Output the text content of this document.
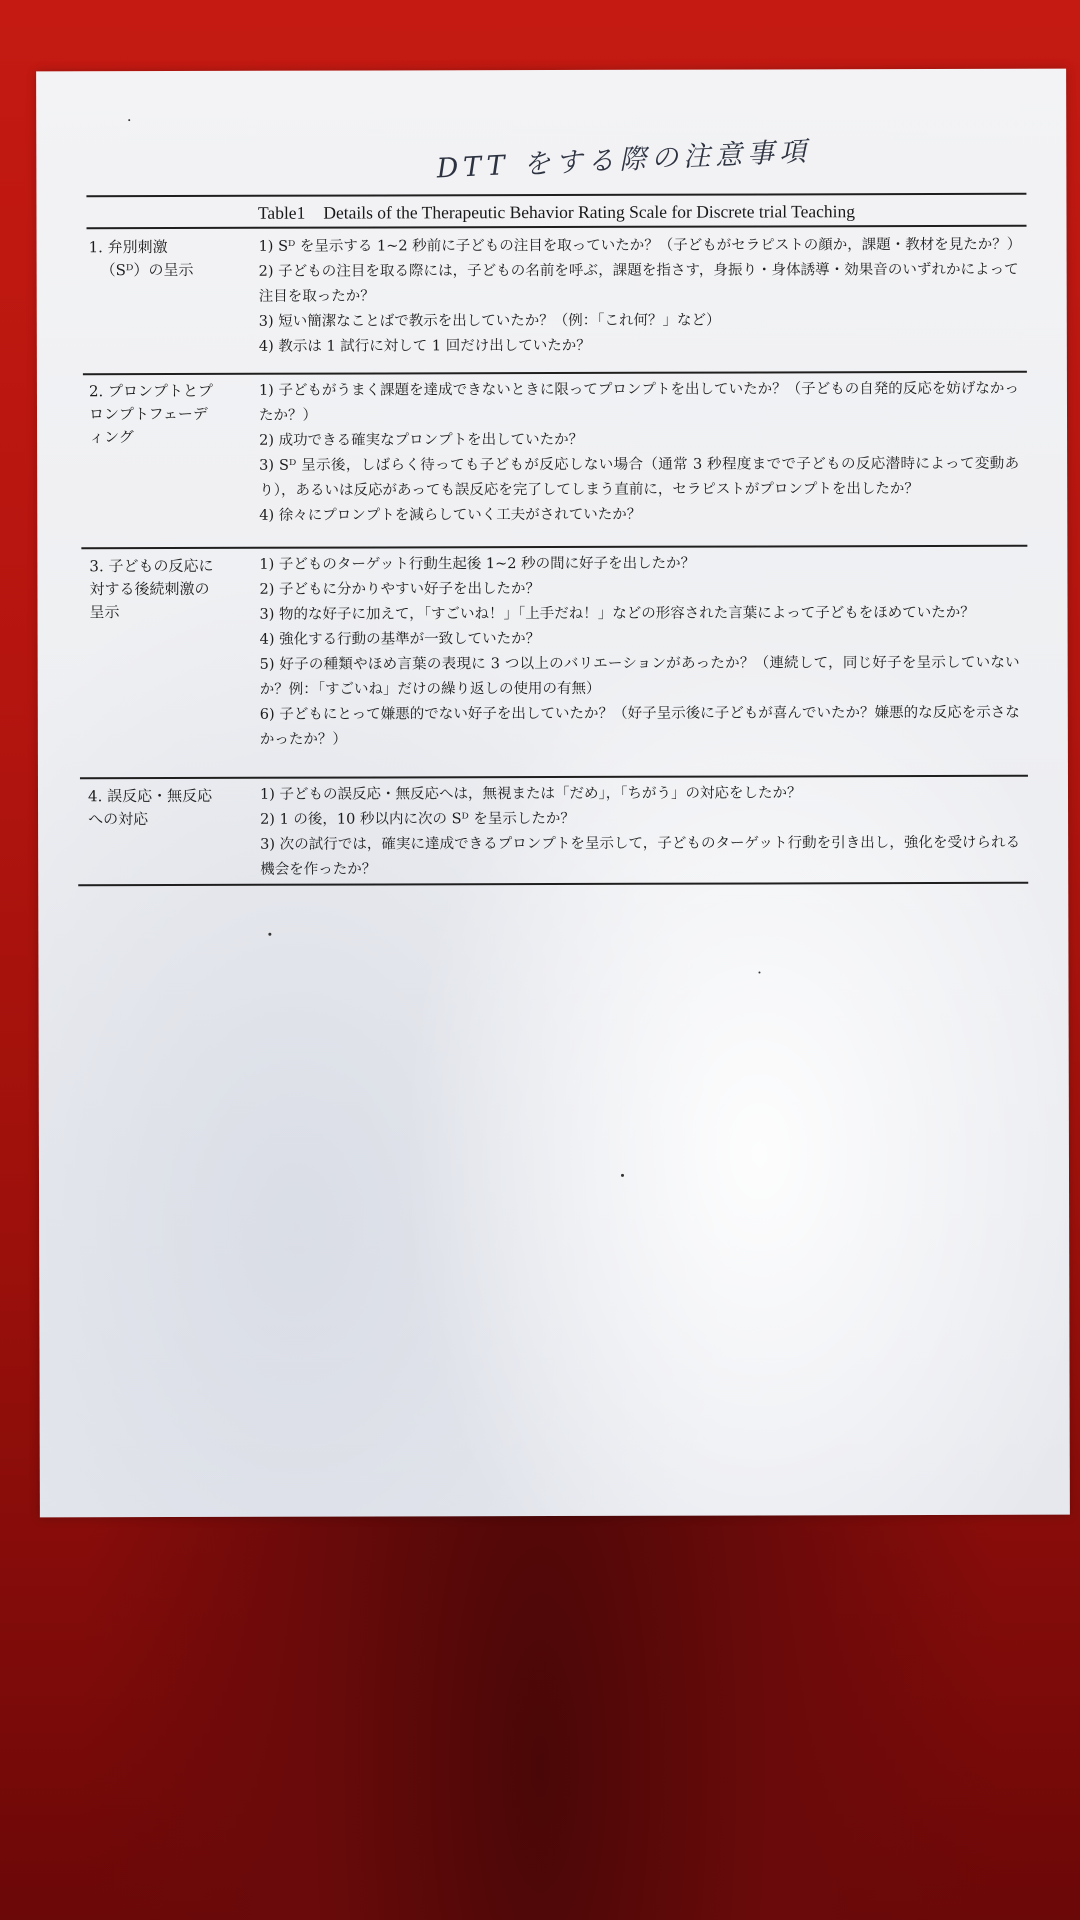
DTT をする際の注意事項
Table1 Details of the Therapeutic Behavior Rating Scale for Discrete trial Teaching
1. 弁別刺激
（Sᴰ）の呈示

1) Sᴰ を呈示する 1~2 秒前に子どもの注目を取っていたか？（子どもがセラピストの顔か，課題・教材を見たか？）

2) 子どもの注目を取る際には，子どもの名前を呼ぶ，課題を指さす，身振り・身体誘導・効果音のいずれかによって注目を取ったか？

3) 短い簡潔なことばで教示を出していたか？（例：「これ何？」など）

4) 教示は 1 試行に対して 1 回だけ出していたか？

2. プロンプトとプ
ロンプトフェーデ
ィング

1) 子どもがうまく課題を達成できないときに限ってプロンプトを出していたか？（子どもの自発的反応を妨げなかったか？）

2) 成功できる確実なプロンプトを出していたか？

3) Sᴰ 呈示後，しばらく待っても子どもが反応しない場合（通常 3 秒程度までで子どもの反応潜時によって変動あり），あるいは反応があっても誤反応を完了してしまう直前に，セラピストがプロンプトを出したか？

4) 徐々にプロンプトを減らしていく工夫がされていたか？

3. 子どもの反応に
対する後続刺激の
呈示

1) 子どものターゲット行動生起後 1~2 秒の間に好子を出したか？

2) 子どもに分かりやすい好子を出したか？

3) 物的な好子に加えて，「すごいね！」「上手だね！」などの形容された言葉によって子どもをほめていたか？

4) 強化する行動の基準が一致していたか？

5) 好子の種類やほめ言葉の表現に 3 つ以上のバリエーションがあったか？（連続して，同じ好子を呈示していないか？例：「すごいね」だけの繰り返しの使用の有無）

6) 子どもにとって嫌悪的でない好子を出していたか？（好子呈示後に子どもが喜んでいたか？嫌悪的な反応を示さなかったか？）

4. 誤反応・無反応
への対応

1) 子どもの誤反応・無反応へは，無視または「だめ」，「ちがう」の対応をしたか？

2) 1 の後，10 秒以内に次の Sᴰ を呈示したか？

3) 次の試行では，確実に達成できるプロンプトを呈示して，子どものターゲット行動を引き出し，強化を受けられる機会を作ったか？
